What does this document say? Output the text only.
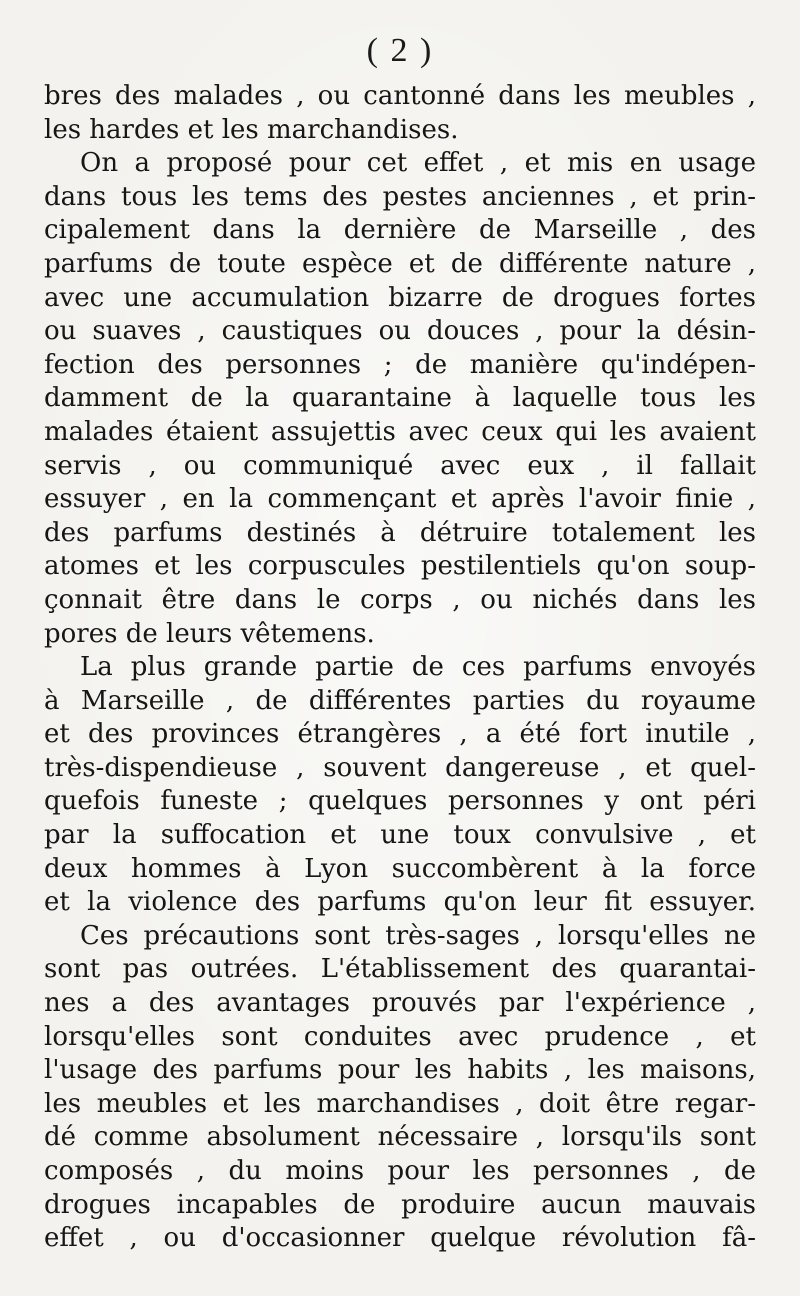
( 2 )
bres des malades , ou cantonné dans les meubles ,
les hardes et les marchandises.
On a proposé pour cet effet , et mis en usage
dans tous les tems des pestes anciennes , et prin-
cipalement dans la dernière de Marseille , des
parfums de toute espèce et de différente nature ,
avec une accumulation bizarre de drogues fortes
ou suaves , caustiques ou douces , pour la désin-
fection des personnes ; de manière qu'indépen-
damment de la quarantaine à laquelle tous les
malades étaient assujettis avec ceux qui les avaient
servis , ou communiqué avec eux , il fallait
essuyer , en la commençant et après l'avoir finie ,
des parfums destinés à détruire totalement les
atomes et les corpuscules pestilentiels qu'on soup-
çonnait être dans le corps , ou nichés dans les
pores de leurs vêtemens.
La plus grande partie de ces parfums envoyés
à Marseille , de différentes parties du royaume
et des provinces étrangères , a été fort inutile ,
très-dispendieuse , souvent dangereuse , et quel-
quefois funeste ; quelques personnes y ont péri
par la suffocation et une toux convulsive , et
deux hommes à Lyon succombèrent à la force
et la violence des parfums qu'on leur fit essuyer.
Ces précautions sont très-sages , lorsqu'elles ne
sont pas outrées. L'établissement des quarantai-
nes a des avantages prouvés par l'expérience ,
lorsqu'elles sont conduites avec prudence , et
l'usage des parfums pour les habits , les maisons,
les meubles et les marchandises , doit être regar-
dé comme absolument nécessaire , lorsqu'ils sont
composés , du moins pour les personnes , de
drogues incapables de produire aucun mauvais
effet , ou d'occasionner quelque révolution fâ-
